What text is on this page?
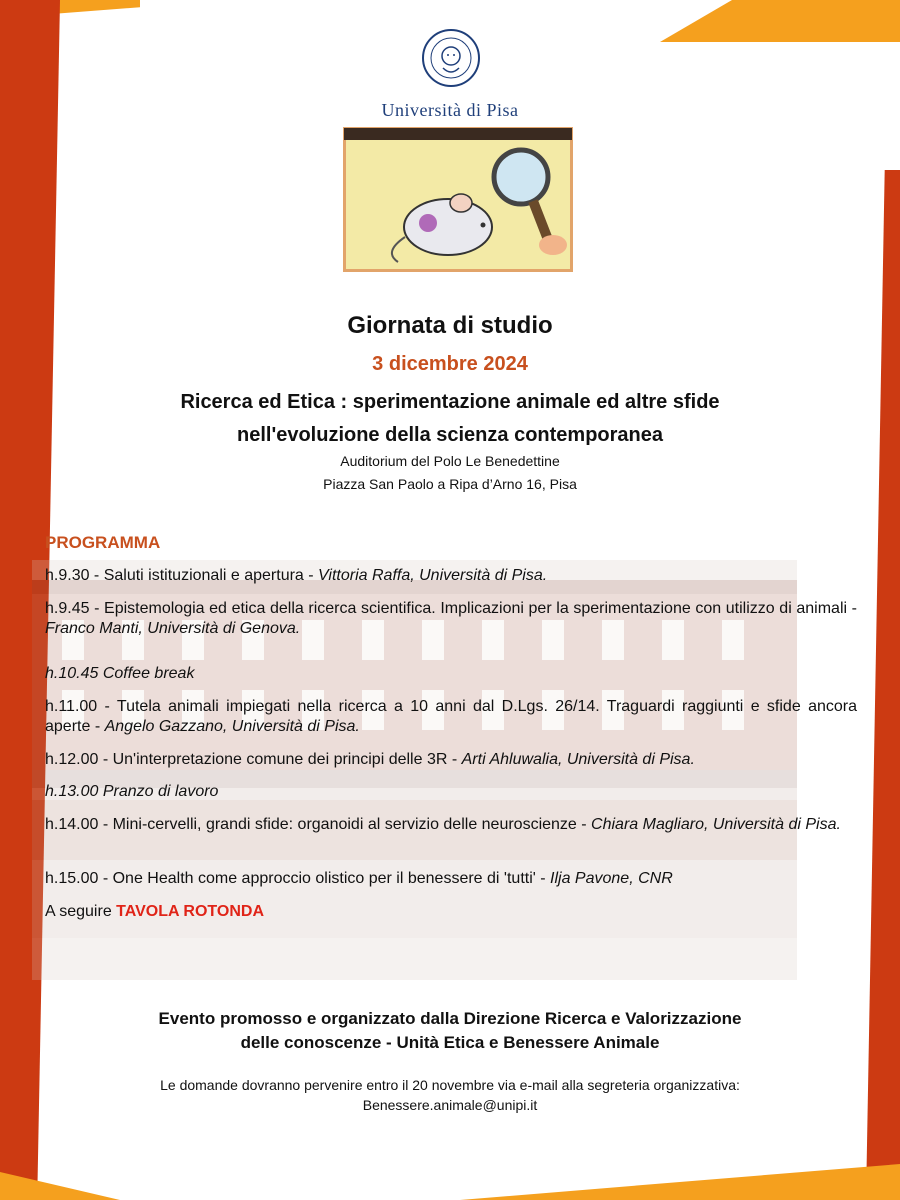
Università di Pisa
Giornata di studio
3 dicembre 2024
Ricerca ed Etica : sperimentazione animale ed altre sfide
nell'evoluzione della scienza contemporanea
Auditorium del Polo Le Benedettine
Piazza San Paolo a Ripa d’Arno 16, Pisa
PROGRAMMA
h.9.30 - Saluti istituzionali e apertura - Vittoria Raffa, Università di Pisa.
h.9.45 - Epistemologia ed etica della ricerca scientifica. Implicazioni per la sperimentazione con utilizzo di animali - Franco Manti, Università di Genova.
h.10.45 Coffee break
h.11.00 - Tutela animali impiegati nella ricerca a 10 anni dal D.Lgs. 26/14. Traguardi raggiunti e sfide ancora aperte - Angelo Gazzano, Università di Pisa.
h.12.00 - Un'interpretazione comune dei principi delle 3R - Arti Ahluwalia, Università di Pisa.
h.13.00 Pranzo di lavoro
h.14.00 - Mini-cervelli, grandi sfide: organoidi al servizio delle neuroscienze - Chiara Magliaro, Università di Pisa.
h.15.00 - One Health come approccio olistico per il benessere di 'tutti' - Ilja Pavone, CNR
A seguire TAVOLA ROTONDA
Evento promosso e organizzato dalla Direzione Ricerca e Valorizzazione
delle conoscenze - Unità Etica e Benessere Animale
Le domande dovranno pervenire entro il 20 novembre via e-mail alla segreteria organizzativa:
Benessere.animale@unipi.it
